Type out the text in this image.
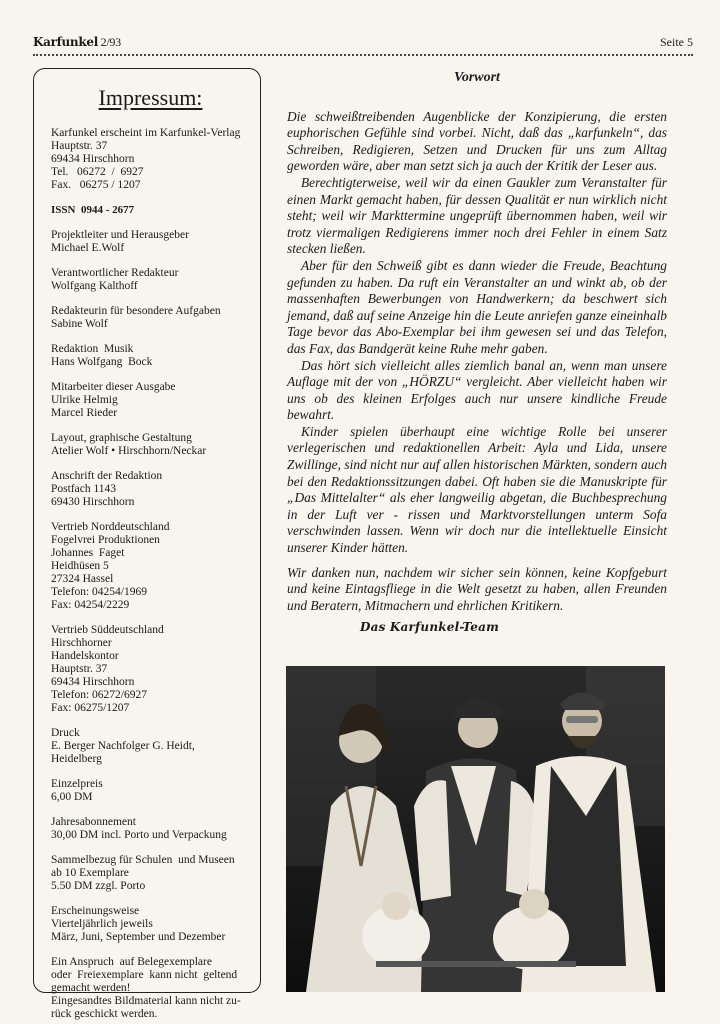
Karfunkel 2/93	Seite 5
Impressum:
Karfunkel erscheint im Karfunkel-Verlag
Hauptstr. 37
69434 Hirschhorn
Tel.   06272  /  6927
Fax.   06275 / 1207
ISSN  0944 - 2677
Projektleiter und Herausgeber
Michael E.Wolf
Verantwortlicher Redakteur
Wolfgang Kalthoff
Redakteurin für besondere Aufgaben
Sabine Wolf
Redaktion  Musik
Hans Wolfgang  Bock
Mitarbeiter dieser Ausgabe
Ulrike Helmig
Marcel Rieder
Layout, graphische Gestaltung
Atelier Wolf • Hirschhorn/Neckar
Anschrift der Redaktion
Postfach 1143
69430 Hirschhorn
Vertrieb Norddeutschland
Fogelvrei Produktionen
Johannes  Faget
Heidhüsen 5
27324 Hassel
Telefon: 04254/1969
Fax: 04254/2229
Vertrieb Süddeutschland
Hirschhorner
Handelskontor
Hauptstr. 37
69434 Hirschhorn
Telefon: 06272/6927
Fax: 06275/1207
Druck
E. Berger Nachfolger G. Heidt,
Heidelberg
Einzelpreis
6,00 DM
Jahresabonnement
30,00 DM incl. Porto und Verpackung
Sammelbezug für Schulen  und Museen
ab 10 Exemplare
5.50 DM zzgl. Porto
Erscheinungsweise
Vierteljährlich jeweils
März, Juni, September und Dezember
Ein Anspruch  auf Belegexemplare
oder  Freiexemplare  kann nicht  geltend
gemacht werden!
Eingesandtes Bildmaterial kann nicht zu-
rück geschickt werden.
Vorwort

Die schweißtreibenden Augenblicke der Konzipierung, die ersten euphorischen Gefühle sind vorbei. Nicht, daß das „karfunkeln“, das Schreiben, Redigieren, Setzen und Drucken für uns zum Alltag geworden wäre, aber man setzt sich ja auch der Kritik der Leser aus.

Berechtigterweise, weil wir da einen Gaukler zum Veranstalter für einen Markt gemacht haben, für dessen Qualität er nun wirklich nicht steht; weil wir Markttermine ungeprüft übernommen haben, weil wir trotz viermaligen Redigierens immer noch drei Fehler in einem Satz stecken ließen.

Aber für den Schweiß gibt es dann wieder die Freude, Beachtung gefunden zu haben. Da ruft ein Veranstalter an und winkt ab, ob der massenhaften Bewerbungen von Handwerkern; da beschwert sich jemand, daß auf seine Anzeige hin die Leute anriefen ganze eineinhalb Tage bevor das Abo-Exemplar bei ihm gewesen sei und das Telefon, das Fax, das Bandgerät keine Ruhe mehr gaben.

Das hört sich vielleicht alles ziemlich banal an, wenn man unsere Auflage mit der von „HÖRZU“ vergleicht. Aber vielleicht haben wir uns ob des kleinen Erfolges auch nur unsere kindliche Freude bewahrt.

Kinder spielen überhaupt eine wichtige Rolle bei unserer verlegerischen und redaktionellen Arbeit: Ayla und Lida, unsere Zwillinge, sind nicht nur auf allen historischen Märkten, sondern auch bei den Redaktionssitzungen dabei. Oft haben sie die Manuskripte für „Das Mittelalter“ als eher langweilig abgetan, die Buchbesprechung in der Luft ver - rissen und Marktvorstellungen unterm Sofa verschwinden lassen. Wenn wir doch nur die intellektuelle Einsicht unserer Kinder hätten.

Wir danken nun, nachdem wir sicher sein können, keine Kopfgeburt und keine Eintagsfliege in die Welt gesetzt zu haben, allen Freunden und Beratern, Mitmachern und ehrlichen Kritikern.

Das Karfunkel-Team
